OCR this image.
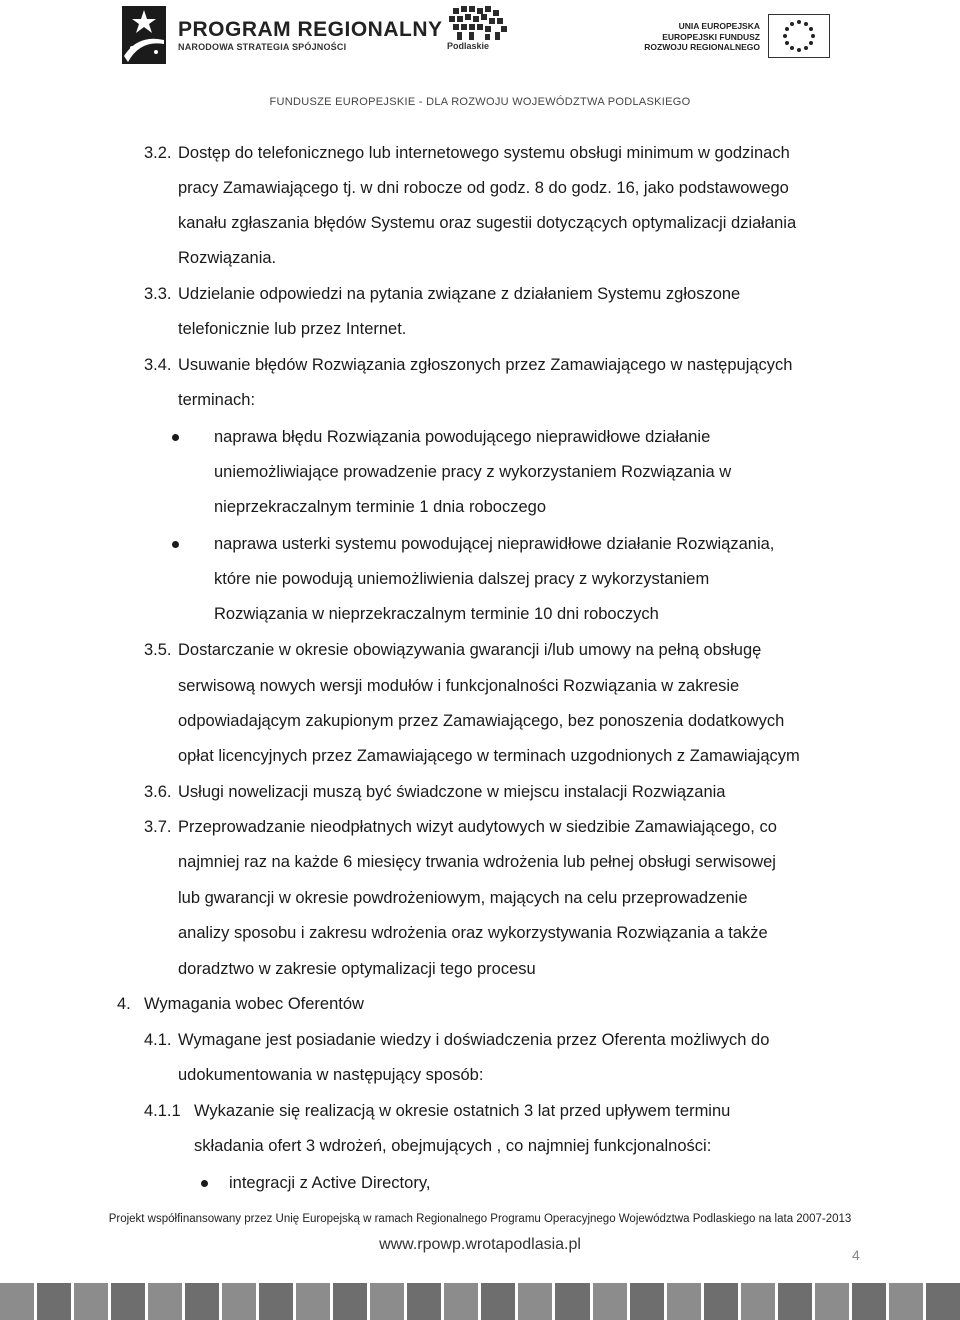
PROGRAM REGIONALNY
NARODOWA STRATEGIA SPÓJNOŚCI	Podlaskie
UNIA EUROPEJSKA
EUROPEJSKI FUNDUSZ
ROZWOJU REGIONALNEGO
FUNDUSZE EUROPEJSKIE - DLA ROZWOJU WOJEWÓDZTWA PODLASKIEGO
3.2. Dostęp do telefonicznego lub internetowego systemu obsługi minimum w godzinach
pracy Zamawiającego tj. w dni robocze od godz. 8 do godz. 16, jako podstawowego
kanału zgłaszania błędów Systemu oraz sugestii dotyczących optymalizacji działania
Rozwiązania.
3.3. Udzielanie odpowiedzi na pytania związane z działaniem Systemu zgłoszone
telefonicznie lub przez Internet.
3.4. Usuwanie błędów Rozwiązania zgłoszonych przez Zamawiającego w następujących
terminach:
naprawa błędu Rozwiązania powodującego nieprawidłowe działanie
uniemożliwiające prowadzenie pracy z wykorzystaniem Rozwiązania w
nieprzekraczalnym terminie 1 dnia roboczego
naprawa usterki systemu powodującej nieprawidłowe działanie Rozwiązania,
które nie powodują uniemożliwienia dalszej pracy z wykorzystaniem
Rozwiązania w nieprzekraczalnym terminie 10 dni roboczych
3.5. Dostarczanie w okresie obowiązywania gwarancji i/lub umowy na pełną obsługę
serwisową nowych wersji modułów i funkcjonalności Rozwiązania w zakresie
odpowiadającym zakupionym przez Zamawiającego, bez ponoszenia dodatkowych
opłat licencyjnych przez Zamawiającego w terminach uzgodnionych z Zamawiającym
3.6. Usługi nowelizacji muszą być świadczone w miejscu instalacji Rozwiązania
3.7. Przeprowadzanie nieodpłatnych wizyt audytowych w siedzibie Zamawiającego, co
najmniej raz na każde 6 miesięcy trwania wdrożenia lub pełnej obsługi serwisowej
lub gwarancji w okresie powdrożeniowym, mających na celu przeprowadzenie
analizy sposobu i zakresu wdrożenia oraz wykorzystywania Rozwiązania a także
doradztwo w zakresie optymalizacji tego procesu
4. Wymagania wobec Oferentów
4.1. Wymagane jest posiadanie wiedzy i doświadczenia przez Oferenta możliwych do
udokumentowania w następujący sposób:
4.1.1 Wykazanie się realizacją w okresie ostatnich 3 lat przed upływem terminu
składania ofert 3 wdrożeń, obejmujących , co najmniej funkcjonalności:
integracji z Active Directory,
Projekt współfinansowany przez Unię Europejską w ramach Regionalnego Programu Operacyjnego Województwa Podlaskiego na lata 2007-2013
www.rpowp.wrotapodlasia.pl
4
